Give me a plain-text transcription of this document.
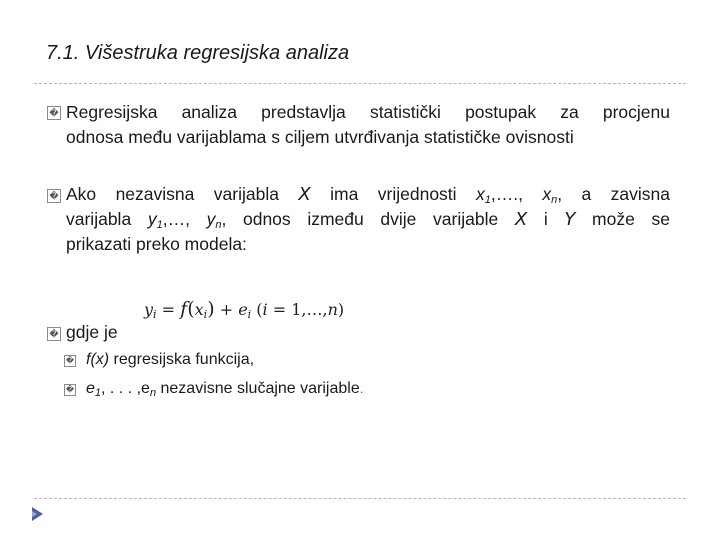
7.1. Višestruka regresijska analiza
� Regresijska analiza predstavlja statistički postupak za procjenu
odnosa među varijablama s ciljem utvrđivanja statističke ovisnosti
� Ako nezavisna varijabla X ima vrijednosti $x_1,\dots$., $x_n$, a zavisna
varijabla $y_1,\dots$, $y_n$, odnos između dvije varijable X i Y može se
prikazati preko modela:
$y_i = f(x_i) + e_i$ (i = 1,…,n)
� gdje je
� f(x) regresijska funkcija,
� $e_1$, . . . $,e_n$ nezavisne slučajne varijable.
